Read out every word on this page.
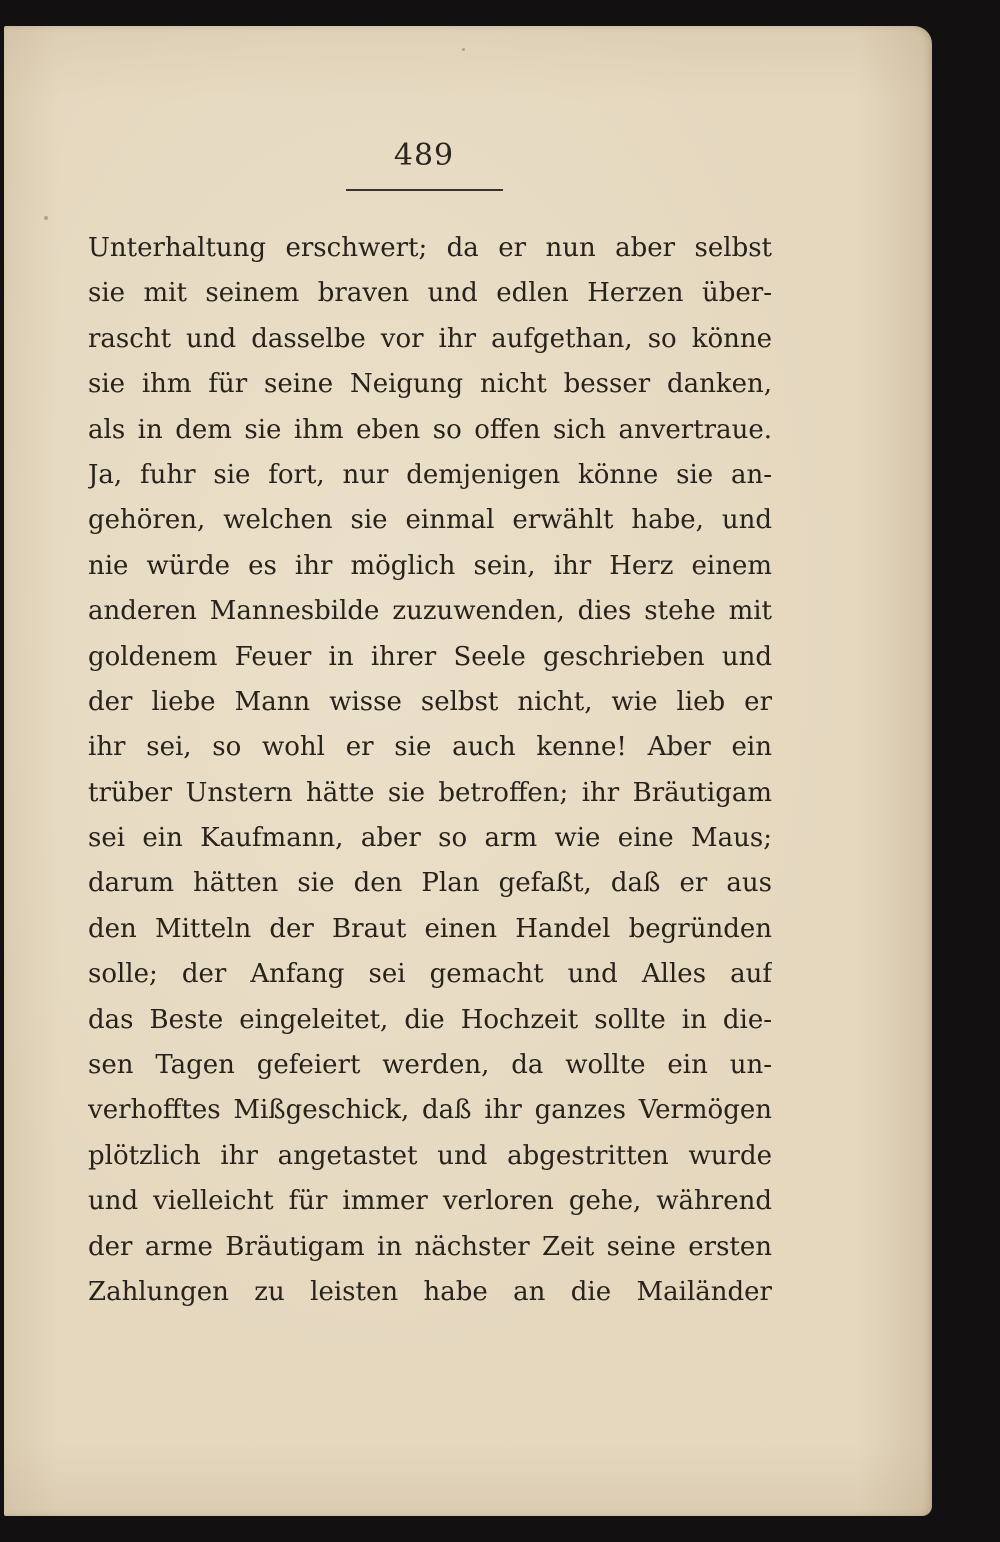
489
Unterhaltung erschwert; da er nun aber selbst
sie mit seinem braven und edlen Herzen über-
rascht und dasselbe vor ihr aufgethan, so könne
sie ihm für seine Neigung nicht besser danken,
als in dem sie ihm eben so offen sich anvertraue.
Ja, fuhr sie fort, nur demjenigen könne sie an-
gehören, welchen sie einmal erwählt habe, und
nie würde es ihr möglich sein, ihr Herz einem
anderen Mannesbilde zuzuwenden, dies stehe mit
goldenem Feuer in ihrer Seele geschrieben und
der liebe Mann wisse selbst nicht, wie lieb er
ihr sei, so wohl er sie auch kenne! Aber ein
trüber Unstern hätte sie betroffen; ihr Bräutigam
sei ein Kaufmann, aber so arm wie eine Maus;
darum hätten sie den Plan gefaßt, daß er aus
den Mitteln der Braut einen Handel begründen
solle; der Anfang sei gemacht und Alles auf
das Beste eingeleitet, die Hochzeit sollte in die-
sen Tagen gefeiert werden, da wollte ein un-
verhofftes Mißgeschick, daß ihr ganzes Vermögen
plötzlich ihr angetastet und abgestritten wurde
und vielleicht für immer verloren gehe, während
der arme Bräutigam in nächster Zeit seine ersten
Zahlungen zu leisten habe an die Mailänder
